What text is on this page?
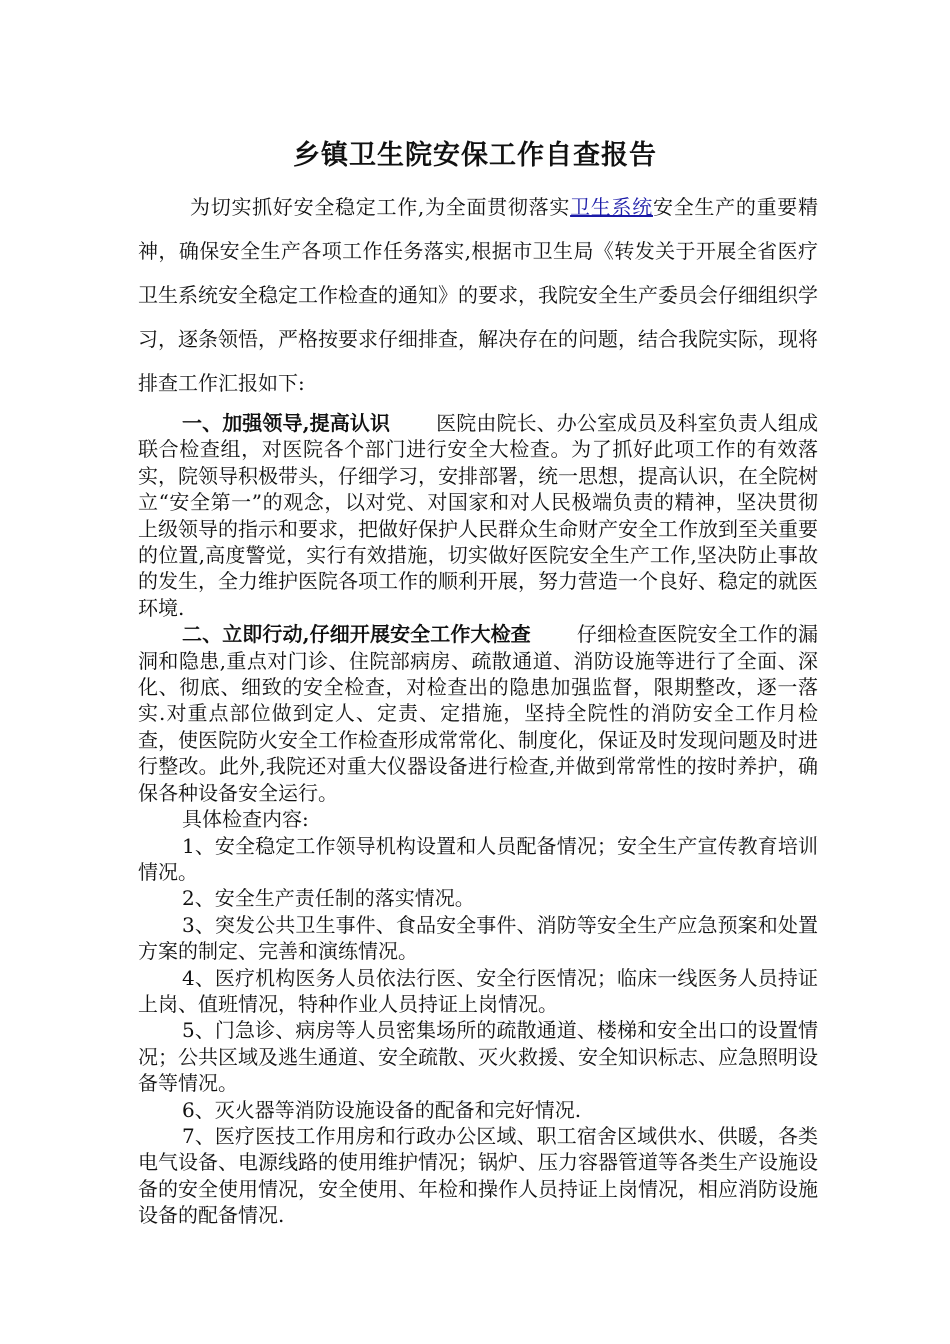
乡镇卫生院安保工作自查报告

为切实抓好安全稳定工作,为全面贯彻落实卫生系统安全生产的重要精神，确保安全生产各项工作任务落实,根据市卫生局《转发关于开展全省医疗卫生系统安全稳定工作检查的通知》的要求，我院安全生产委员会仔细组织学习，逐条领悟，严格按要求仔细排查，解决存在的问题，结合我院实际，现将排查工作汇报如下:

一、加强领导,提高认识 医院由院长、办公室成员及科室负责人组成联合检查组，对医院各个部门进行安全大检查。为了抓好此项工作的有效落实，院领导积极带头，仔细学习，安排部署，统一思想，提高认识，在全院树立“安全第一”的观念，以对党、对国家和对人民极端负责的精神，坚决贯彻上级领导的指示和要求，把做好保护人民群众生命财产安全工作放到至关重要的位置,高度警觉，实行有效措施，切实做好医院安全生产工作,坚决防止事故的发生，全力维护医院各项工作的顺利开展，努力营造一个良好、稳定的就医环境.

二、立即行动,仔细开展安全工作大检查 仔细检查医院安全工作的漏洞和隐患,重点对门诊、住院部病房、疏散通道、消防设施等进行了全面、深化、彻底、细致的安全检查，对检查出的隐患加强监督，限期整改，逐一落实.对重点部位做到定人、定责、定措施，坚持全院性的消防安全工作月检查，使医院防火安全工作检查形成常常化、制度化，保证及时发现问题及时进行整改。此外,我院还对重大仪器设备进行检查,并做到常常性的按时养护，确保各种设备安全运行。

具体检查内容:

1、安全稳定工作领导机构设置和人员配备情况；安全生产宣传教育培训情况。

2、安全生产责任制的落实情况。

3、突发公共卫生事件、食品安全事件、消防等安全生产应急预案和处置方案的制定、完善和演练情况。

4、医疗机构医务人员依法行医、安全行医情况；临床一线医务人员持证上岗、值班情况，特种作业人员持证上岗情况。

5、门急诊、病房等人员密集场所的疏散通道、楼梯和安全出口的设置情况；公共区域及逃生通道、安全疏散、灭火救援、安全知识标志、应急照明设备等情况。

6、灭火器等消防设施设备的配备和完好情况.

7、医疗医技工作用房和行政办公区域、职工宿舍区域供水、供暖，各类电气设备、电源线路的使用维护情况；锅炉、压力容器管道等各类生产设施设备的安全使用情况，安全使用、年检和操作人员持证上岗情况，相应消防设施设备的配备情况.
